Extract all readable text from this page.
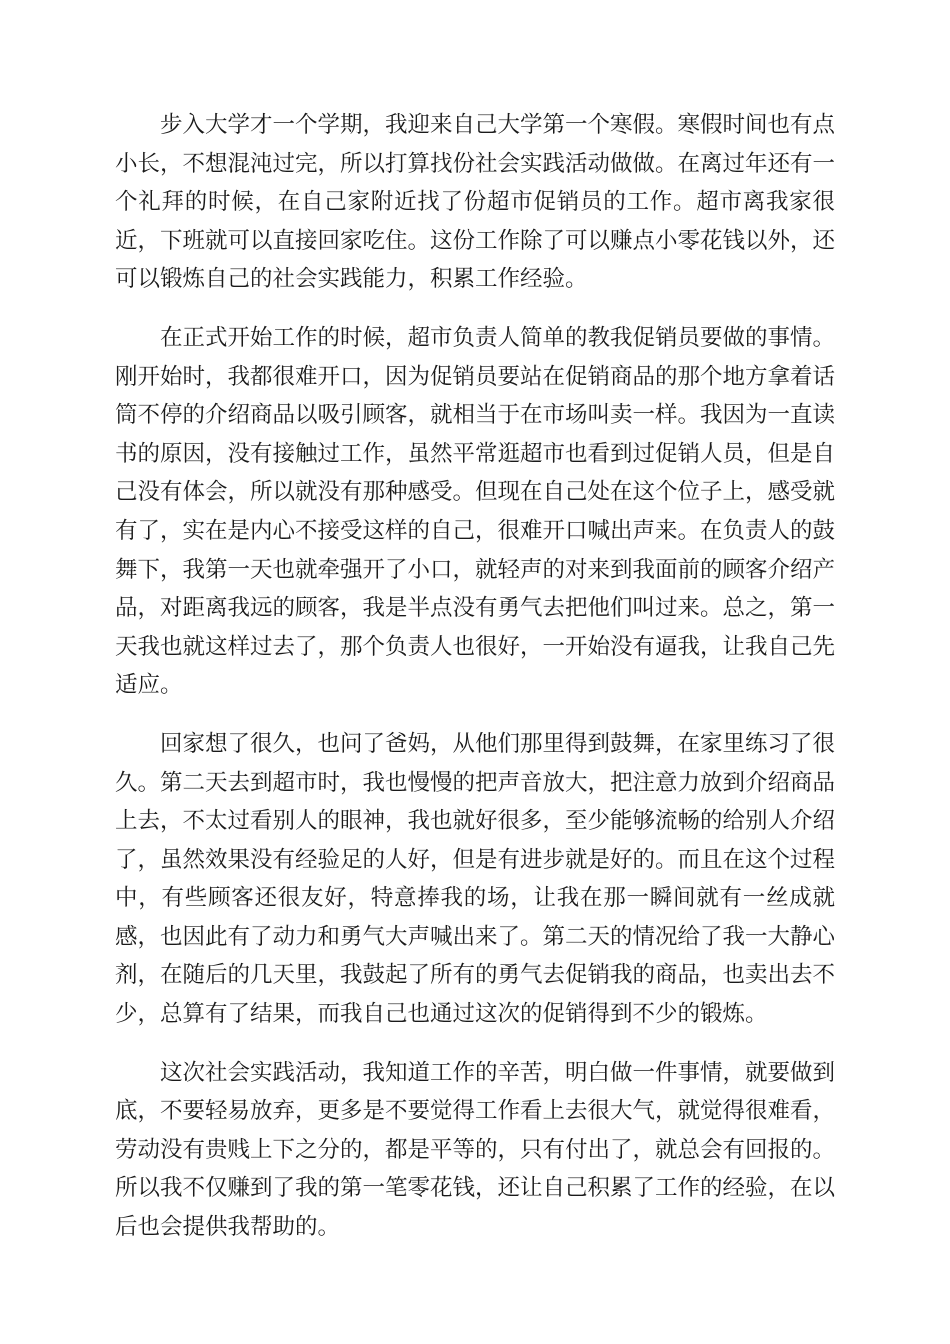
步入大学才一个学期，我迎来自己大学第一个寒假。寒假时间也有点小长，不想混沌过完，所以打算找份社会实践活动做做。在离过年还有一个礼拜的时候，在自己家附近找了份超市促销员的工作。超市离我家很近，下班就可以直接回家吃住。这份工作除了可以赚点小零花钱以外，还可以锻炼自己的社会实践能力，积累工作经验。

在正式开始工作的时候，超市负责人简单的教我促销员要做的事情。刚开始时，我都很难开口，因为促销员要站在促销商品的那个地方拿着话筒不停的介绍商品以吸引顾客，就相当于在市场叫卖一样。我因为一直读书的原因，没有接触过工作，虽然平常逛超市也看到过促销人员，但是自己没有体会，所以就没有那种感受。但现在自己处在这个位子上，感受就有了，实在是内心不接受这样的自己，很难开口喊出声来。在负责人的鼓舞下，我第一天也就牵强开了小口，就轻声的对来到我面前的顾客介绍产品，对距离我远的顾客，我是半点没有勇气去把他们叫过来。总之，第一天我也就这样过去了，那个负责人也很好，一开始没有逼我，让我自己先适应。

回家想了很久，也问了爸妈，从他们那里得到鼓舞，在家里练习了很久。第二天去到超市时，我也慢慢的把声音放大，把注意力放到介绍商品上去，不太过看别人的眼神，我也就好很多，至少能够流畅的给别人介绍了，虽然效果没有经验足的人好，但是有进步就是好的。而且在这个过程中，有些顾客还很友好，特意捧我的场，让我在那一瞬间就有一丝成就感，也因此有了动力和勇气大声喊出来了。第二天的情况给了我一大静心剂，在随后的几天里，我鼓起了所有的勇气去促销我的商品，也卖出去不少，总算有了结果，而我自己也通过这次的促销得到不少的锻炼。

这次社会实践活动，我知道工作的辛苦，明白做一件事情，就要做到底，不要轻易放弃，更多是不要觉得工作看上去很大气，就觉得很难看，劳动没有贵贱上下之分的，都是平等的，只有付出了，就总会有回报的。所以我不仅赚到了我的第一笔零花钱，还让自己积累了工作的经验，在以后也会提供我帮助的。
